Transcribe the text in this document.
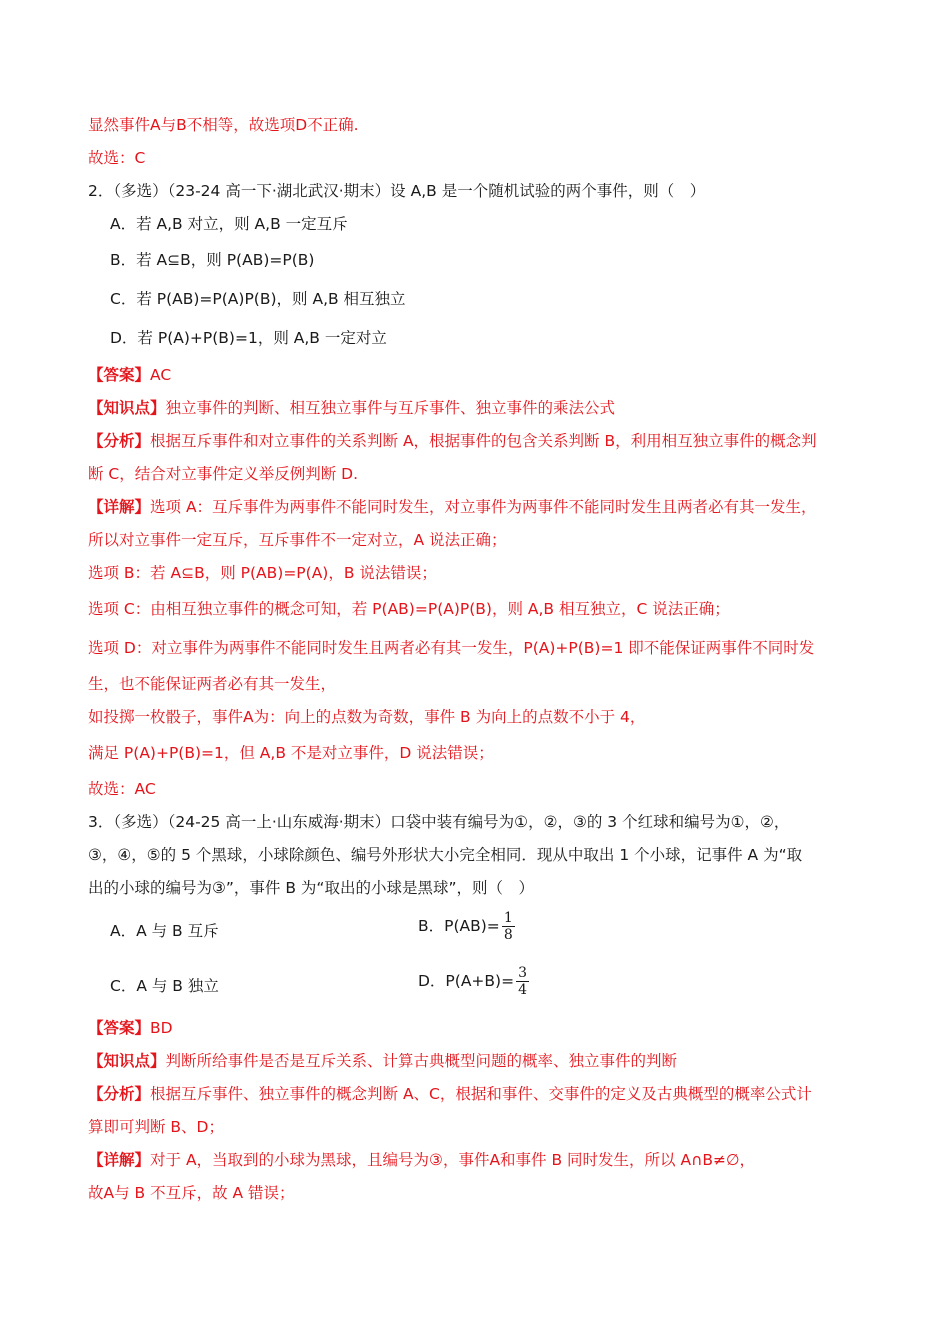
显然事件A与B不相等，故选项D不正确.
故选：C
2．（多选）（23-24 高一下·湖北武汉·期末）设 A,B 是一个随机试验的两个事件，则（　）
A．若 A,B 对立，则 A,B 一定互斥
B．若 A⊆B，则 P(AB)=P(B)
C．若 P(AB)=P(A)P(B)，则 A,B 相互独立
D．若 P(A)+P(B)=1，则 A,B 一定对立
【答案】AC
【知识点】独立事件的判断、相互独立事件与互斥事件、独立事件的乘法公式
【分析】根据互斥事件和对立事件的关系判断 A，根据事件的包含关系判断 B，利用相互独立事件的概念判
断 C，结合对立事件定义举反例判断 D.
【详解】选项 A：互斥事件为两事件不能同时发生，对立事件为两事件不能同时发生且两者必有其一发生，
所以对立事件一定互斥，互斥事件不一定对立，A 说法正确；
选项 B：若 A⊆B，则 P(AB)=P(A)，B 说法错误；
选项 C：由相互独立事件的概念可知，若 P(AB)=P(A)P(B)，则 A,B 相互独立，C 说法正确；
选项 D：对立事件为两事件不能同时发生且两者必有其一发生，P(A)+P(B)=1 即不能保证两事件不同时发
生，也不能保证两者必有其一发生，
如投掷一枚骰子，事件A为：向上的点数为奇数，事件 B 为向上的点数不小于 4，
满足 P(A)+P(B)=1，但 A,B 不是对立事件，D 说法错误；
故选：AC
3．（多选）（24-25 高一上·山东威海·期末）口袋中装有编号为①，②，③的 3 个红球和编号为①，②，
③，④，⑤的 5 个黑球，小球除颜色、编号外形状大小完全相同．现从中取出 1 个小球，记事件 A 为“取
出的小球的编号为③”，事件 B 为“取出的小球是黑球”，则（　）
A．A 与 B 互斥	B．$P(AB)= \frac{1}{8}$
C．A 与 B 独立	D．$P(A+B)= \frac{3}{4}$
【答案】BD
【知识点】判断所给事件是否是互斥关系、计算古典概型问题的概率、独立事件的判断
【分析】根据互斥事件、独立事件的概念判断 A、C，根据和事件、交事件的定义及古典概型的概率公式计
算即可判断 B、D；
【详解】对于 A，当取到的小球为黑球，且编号为③，事件A和事件 B 同时发生，所以 A∩B≠∅，
故A与 B 不互斥，故 A 错误；
